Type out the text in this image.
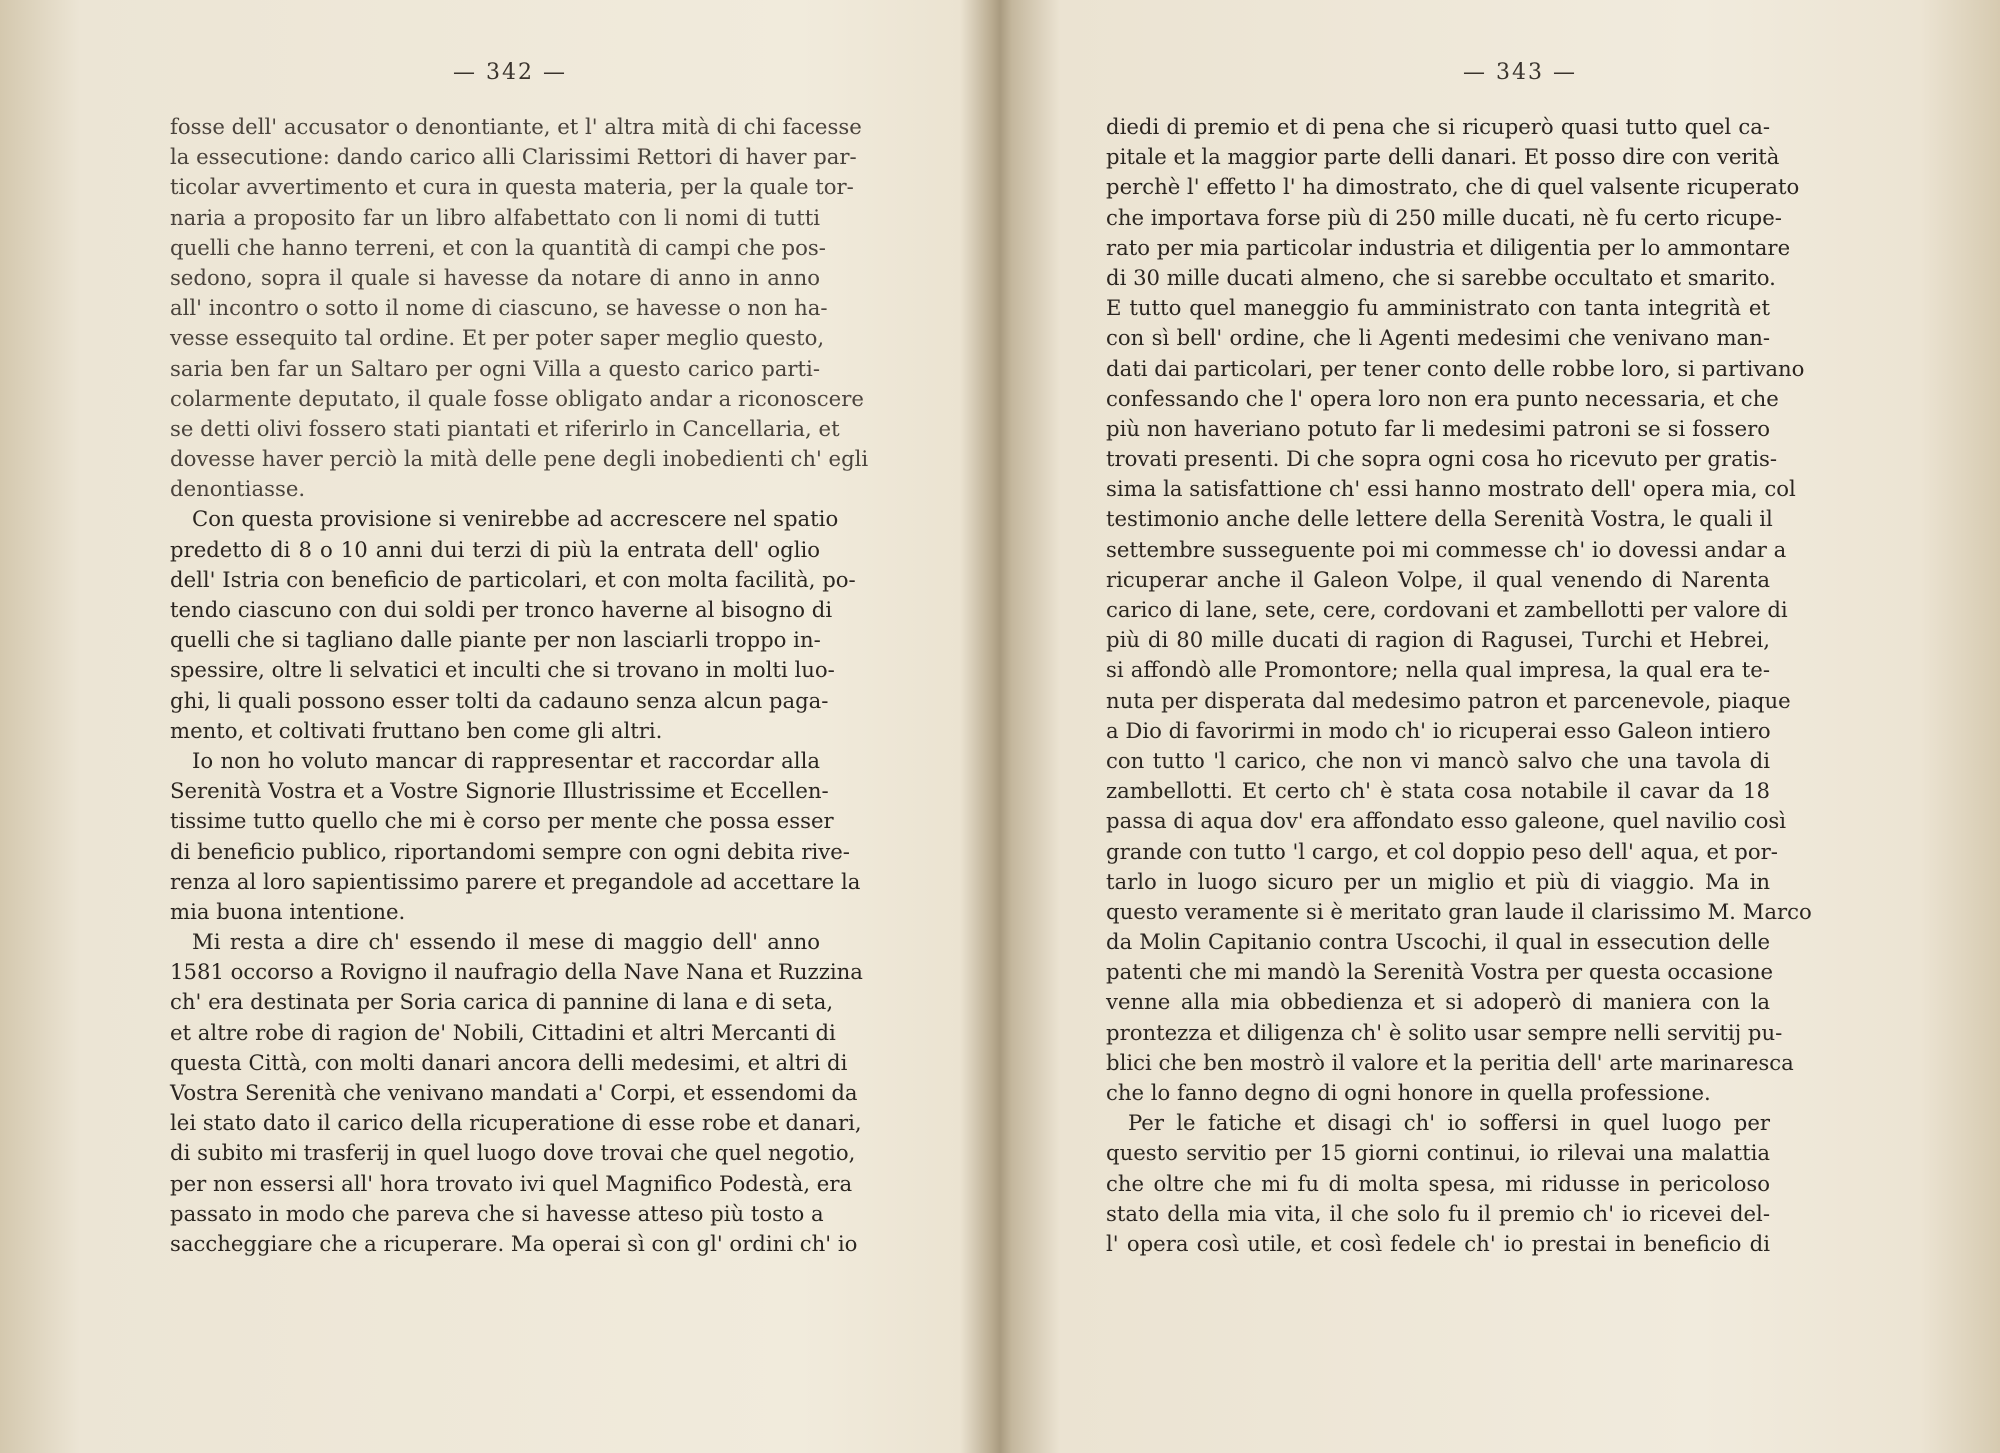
— 342 —
fosse dell' accusator o denontiante, et l' altra mità di chi facesse
la essecutione: dando carico alli Clarissimi Rettori di haver par-
ticolar avvertimento et cura in questa materia, per la quale tor-
naria a proposito far un libro alfabettato con li nomi di tutti
quelli che hanno terreni, et con la quantità di campi che pos-
sedono, sopra il quale si havesse da notare di anno in anno
all' incontro o sotto il nome di ciascuno, se havesse o non ha-
vesse essequito tal ordine. Et per poter saper meglio questo,
saria ben far un Saltaro per ogni Villa a questo carico parti-
colarmente deputato, il quale fosse obligato andar a riconoscere
se detti olivi fossero stati piantati et riferirlo in Cancellaria, et
dovesse haver perciò la mità delle pene degli inobedienti ch' egli
denontiasse.
Con questa provisione si venirebbe ad accrescere nel spatio
predetto di 8 o 10 anni dui terzi di più la entrata dell' oglio
dell' Istria con beneficio de particolari, et con molta facilità, po-
tendo ciascuno con dui soldi per tronco haverne al bisogno di
quelli che si tagliano dalle piante per non lasciarli troppo in-
spessire, oltre li selvatici et inculti che si trovano in molti luo-
ghi, li quali possono esser tolti da cadauno senza alcun paga-
mento, et coltivati fruttano ben come gli altri.
Io non ho voluto mancar di rappresentar et raccordar alla
Serenità Vostra et a Vostre Signorie Illustrissime et Eccellen-
tissime tutto quello che mi è corso per mente che possa esser
di beneficio publico, riportandomi sempre con ogni debita rive-
renza al loro sapientissimo parere et pregandole ad accettare la
mia buona intentione.
Mi resta a dire ch' essendo il mese di maggio dell' anno
1581 occorso a Rovigno il naufragio della Nave Nana et Ruzzina
ch' era destinata per Soria carica di pannine di lana e di seta,
et altre robe di ragion de' Nobili, Cittadini et altri Mercanti di
questa Città, con molti danari ancora delli medesimi, et altri di
Vostra Serenità che venivano mandati a' Corpi, et essendomi da
lei stato dato il carico della ricuperatione di esse robe et danari,
di subito mi trasferij in quel luogo dove trovai che quel negotio,
per non essersi all' hora trovato ivi quel Magnifico Podestà, era
passato in modo che pareva che si havesse atteso più tosto a
saccheggiare che a ricuperare. Ma operai sì con gl' ordini ch' io
— 343 —
diedi di premio et di pena che si ricuperò quasi tutto quel ca-
pitale et la maggior parte delli danari. Et posso dire con verità
perchè l' effetto l' ha dimostrato, che di quel valsente ricuperato
che importava forse più di 250 mille ducati, nè fu certo ricupe-
rato per mia particolar industria et diligentia per lo ammontare
di 30 mille ducati almeno, che si sarebbe occultato et smarito.
E tutto quel maneggio fu amministrato con tanta integrità et
con sì bell' ordine, che li Agenti medesimi che venivano man-
dati dai particolari, per tener conto delle robbe loro, si partivano
confessando che l' opera loro non era punto necessaria, et che
più non haveriano potuto far li medesimi patroni se si fossero
trovati presenti. Di che sopra ogni cosa ho ricevuto per gratis-
sima la satisfattione ch' essi hanno mostrato dell' opera mia, col
testimonio anche delle lettere della Serenità Vostra, le quali il
settembre susseguente poi mi commesse ch' io dovessi andar a
ricuperar anche il Galeon Volpe, il qual venendo di Narenta
carico di lane, sete, cere, cordovani et zambellotti per valore di
più di 80 mille ducati di ragion di Ragusei, Turchi et Hebrei,
si affondò alle Promontore; nella qual impresa, la qual era te-
nuta per disperata dal medesimo patron et parcenevole, piaque
a Dio di favorirmi in modo ch' io ricuperai esso Galeon intiero
con tutto 'l carico, che non vi mancò salvo che una tavola di
zambellotti. Et certo ch' è stata cosa notabile il cavar da 18
passa di aqua dov' era affondato esso galeone, quel navilio così
grande con tutto 'l cargo, et col doppio peso dell' aqua, et por-
tarlo in luogo sicuro per un miglio et più di viaggio. Ma in
questo veramente si è meritato gran laude il clarissimo M. Marco
da Molin Capitanio contra Uscochi, il qual in essecution delle
patenti che mi mandò la Serenità Vostra per questa occasione
venne alla mia obbedienza et si adoperò di maniera con la
prontezza et diligenza ch' è solito usar sempre nelli servitij pu-
blici che ben mostrò il valore et la peritia dell' arte marinaresca
che lo fanno degno di ogni honore in quella professione.
Per le fatiche et disagi ch' io soffersi in quel luogo per
questo servitio per 15 giorni continui, io rilevai una malattia
che oltre che mi fu di molta spesa, mi ridusse in pericoloso
stato della mia vita, il che solo fu il premio ch' io ricevei del-
l' opera così utile, et così fedele ch' io prestai in beneficio di
